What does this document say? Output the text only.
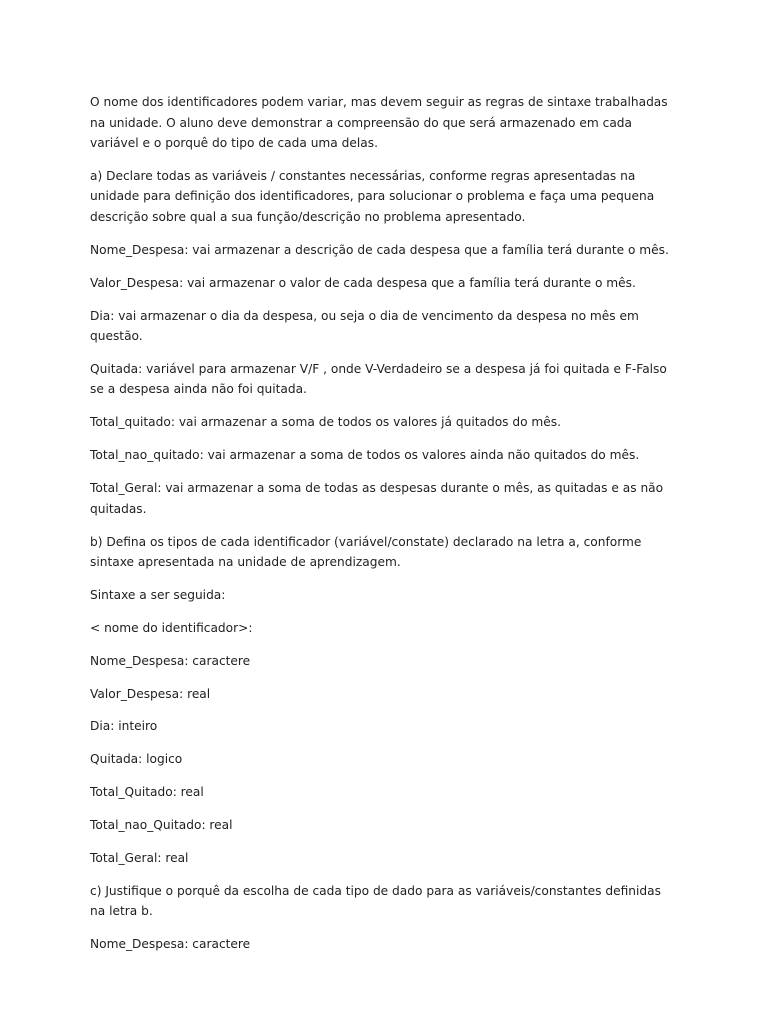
O nome dos identificadores podem variar, mas devem seguir as regras de sintaxe trabalhadas na unidade. O aluno deve demonstrar a compreensão do que será armazenado em cada variável e o porquê do tipo de cada uma delas.

a) Declare todas as variáveis / constantes necessárias, conforme regras apresentadas na unidade para definição dos identificadores, para solucionar o problema e faça uma pequena descrição sobre qual a sua função/descrição no problema apresentado.

Nome_Despesa: vai armazenar a descrição de cada despesa que a família terá durante o mês.

Valor_Despesa: vai armazenar o valor de cada despesa que a família terá durante o mês.

Dia: vai armazenar o dia da despesa, ou seja o dia de vencimento da despesa no mês em questão.

Quitada: variável para armazenar V/F , onde V-Verdadeiro se a despesa já foi quitada e F-Falso se a despesa ainda não foi quitada.

Total_quitado: vai armazenar a soma de todos os valores já quitados do mês.

Total_nao_quitado: vai armazenar a soma de todos os valores ainda não quitados do mês.

Total_Geral: vai armazenar a soma de todas as despesas durante o mês, as quitadas e as não quitadas.

b) Defina os tipos de cada identificador (variável/constate) declarado na letra a, conforme sintaxe apresentada na unidade de aprendizagem.

Sintaxe a ser seguida:

< nome do identificador>:

Nome_Despesa: caractere

Valor_Despesa: real

Dia: inteiro

Quitada: logico

Total_Quitado: real

Total_nao_Quitado: real

Total_Geral: real

c) Justifique o porquê da escolha de cada tipo de dado para as variáveis/constantes definidas na letra b.

Nome_Despesa: caractere
